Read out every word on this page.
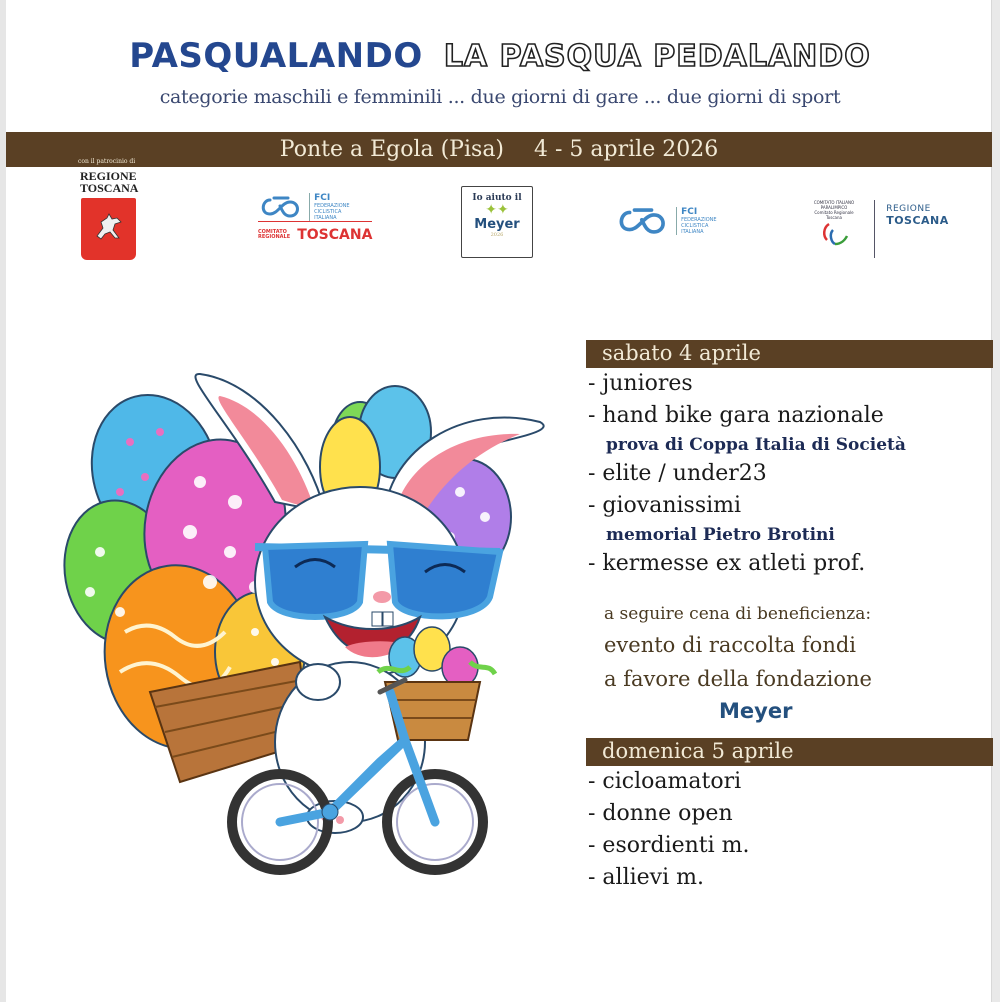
PASQUALANDO LA PASQUA PEDALANDO
categorie maschili e femminili ... due giorni di gare ... due giorni di sport
Ponte a Egola (Pisa) 4 - 5 aprile 2026
con il patrocinio di
REGIONE
TOSCANA

FCI
FEDERAZIONE
CICLISTICA
ITALIANA
COMITATO
REGIONALE TOSCANA
Io aiuto il
✦✦
Meyer
2026

FCI
FEDERAZIONE
CICLISTICA
ITALIANA
COMITATO ITALIANO
PARALIMPICO
Comitato Regionale
Toscana

REGIONE
TOSCANA
sabato 4 aprile
- juniores
- hand bike gara nazionale
prova di Coppa Italia di Società
- elite / under23
- giovanissimi
memorial Pietro Brotini
- kermesse ex atleti prof.
a seguire cena di beneficienza:
evento di raccolta fondi
a favore della fondazione
Meyer
domenica 5 aprile
- cicloamatori
- donne open
- esordienti m.
- allievi m.
